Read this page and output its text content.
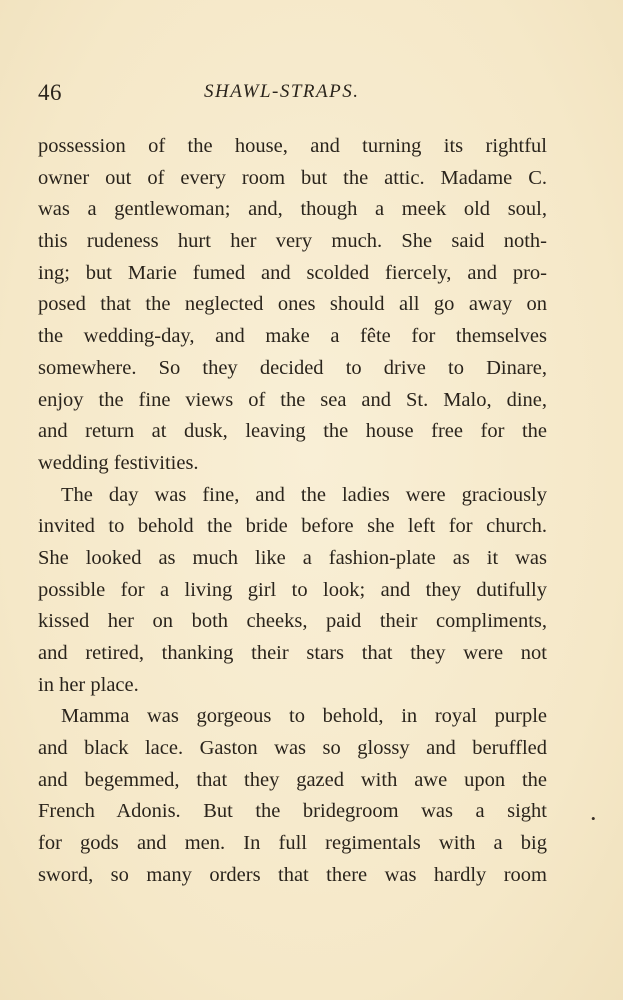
46	SHAWL-STRAPS.

possession of the house, and turning its rightful
owner out of every room but the attic. Madame C.
was a gentlewoman; and, though a meek old soul,
this rudeness hurt her very much. She said noth-
ing; but Marie fumed and scolded fiercely, and pro-
posed that the neglected ones should all go away on
the wedding-day, and make a fête for themselves
somewhere. So they decided to drive to Dinare,
enjoy the fine views of the sea and St. Malo, dine,
and return at dusk, leaving the house free for the
wedding festivities.

The day was fine, and the ladies were graciously
invited to behold the bride before she left for church.
She looked as much like a fashion-plate as it was
possible for a living girl to look; and they dutifully
kissed her on both cheeks, paid their compliments,
and retired, thanking their stars that they were not
in her place.

Mamma was gorgeous to behold, in royal purple
and black lace. Gaston was so glossy and beruffled
and begemmed, that they gazed with awe upon the
French Adonis. But the bridegroom was a sight
for gods and men. In full regimentals with a big
sword, so many orders that there was hardly room

•
